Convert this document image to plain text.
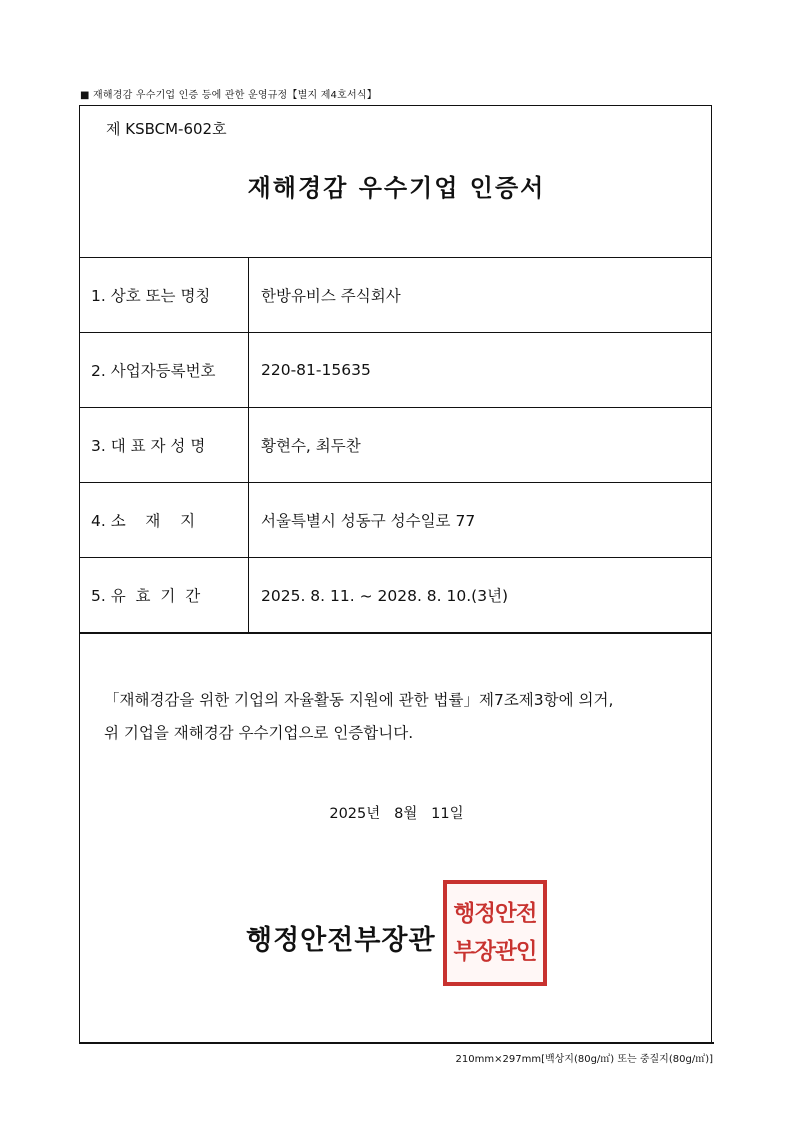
■ 재해경감 우수기업 인증 등에 관한 운영규정【별지 제4호서식】
제 KSBCM-602호
재해경감 우수기업 인증서
1. 상호 또는 명칭	한방유비스 주식회사
2. 사업자등록번호	220-81-15635
3. 대 표 자 성 명	황현수, 최두찬
4. 소    재    지	서울특별시 성동구 성수일로 77
5. 유  효  기  간	2025. 8. 11. ~ 2028. 8. 10.(3년)
「재해경감을 위한 기업의 자율활동 지원에 관한 법률」제7조제3항에 의거,
위 기업을 재해경감 우수기업으로 인증합니다.
2025년   8월   11일
행정안전부장관
행정안전
부장관인
210mm×297mm[백상지(80g/㎡) 또는 중질지(80g/㎡)]
